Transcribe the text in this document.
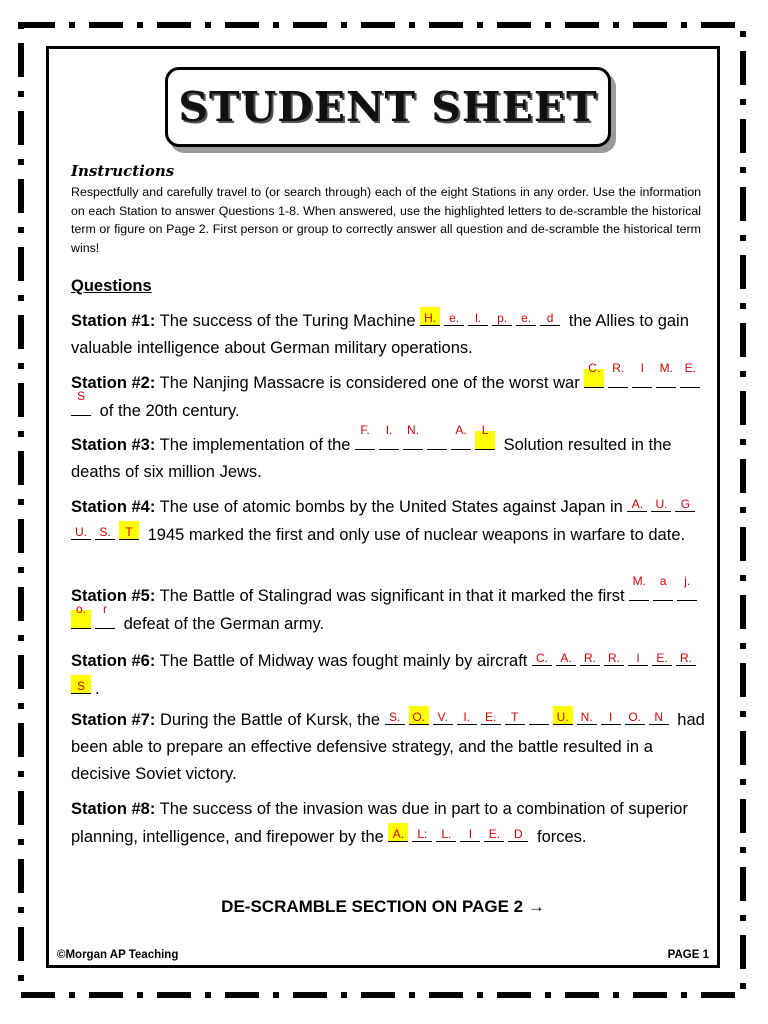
STUDENT SHEET
Instructions
Respectfully and carefully travel to (or search through) each of the eight Stations in any order. Use the information on each Station to answer Questions 1-8. When answered, use the highlighted letters to de-scramble the historical term or figure on Page 2. First person or group to correctly answer all question and de-scramble the historical term wins!
Questions
Station #1: The success of the Turing Machine H.	e.	l.	p.	e.	d the Allies to gain valuable intelligence about German military operations.
Station #2: The Nanjing Massacre is considered one of the worst war
C.	R.	I	M. E.
S
of the 20th century.
Station #3: The implementation of the
F.	I.	N.	A.	L
Solution resulted in the deaths of six million Jews.
Station #4: The use of atomic bombs by the United States against Japan in A.	U.	G
U.	S.	T 1945 marked the first and only use of nuclear weapons in warfare to date.
Station #5: The Battle of Stalingrad was significant in that it marked the first
M.	a	j.
o.	r
defeat of the German army.
Station #6: The Battle of Midway was fought mainly by aircraft C.	A.	R.	R.	I	E.	R.
S .
Station #7: During the Battle of Kursk, the S. O.	V.	I.	E.	T	U.	N.	I	O.	N had been able to prepare an effective defensive strategy, and the battle resulted in a decisive Soviet victory.
Station #8: The success of the invasion was due in part to a combination of superior planning, intelligence, and firepower by the A.	L:	L.	I	E.	D forces.
DE-SCRAMBLE SECTION ON PAGE 2 →
©Morgan AP Teaching	PAGE 1
